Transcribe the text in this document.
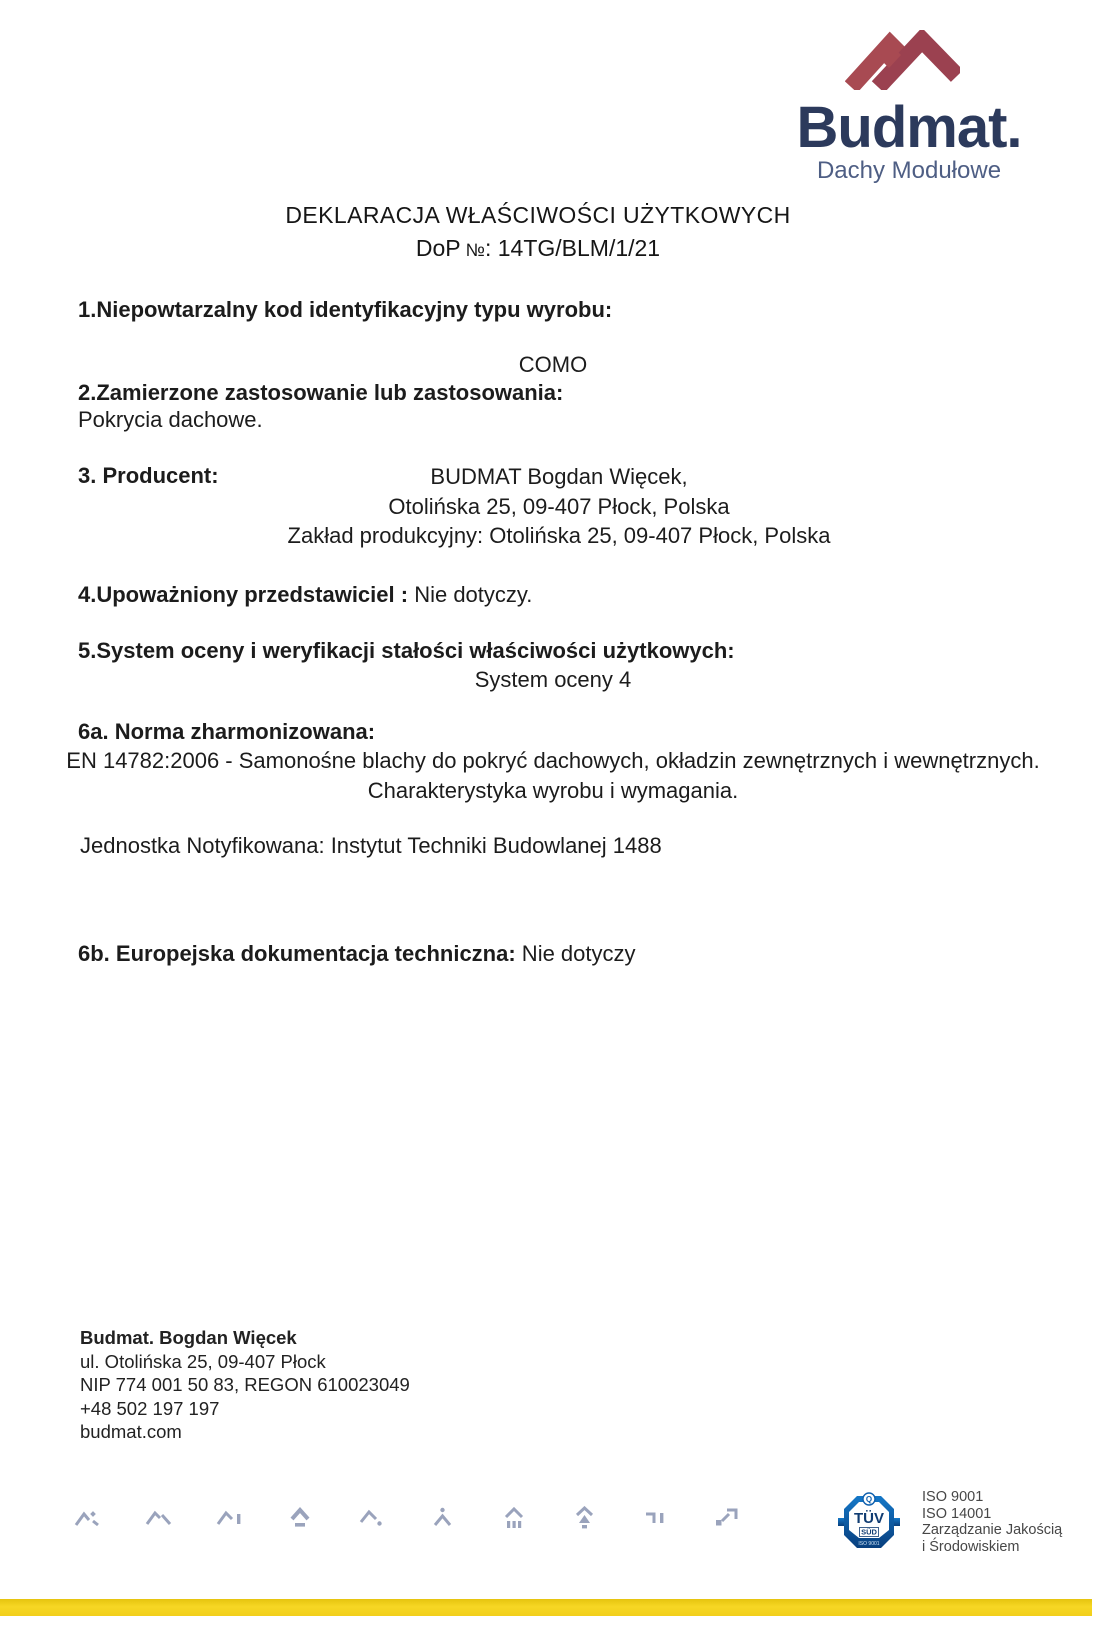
Budmat.
Dachy Modułowe
DEKLARACJA WŁAŚCIWOŚCI UŻYTKOWYCH
DoP №: 14TG/BLM/1/21
1.Niepowtarzalny kod identyfikacyjny typu wyrobu:
COMO
2.Zamierzone zastosowanie lub zastosowania:
Pokrycia dachowe.
3. Producent:	BUDMAT Bogdan Więcek,
Otolińska 25, 09-407 Płock, Polska
Zakład produkcyjny: Otolińska 25, 09-407 Płock, Polska
4.Upoważniony przedstawiciel : Nie dotyczy.
5.System oceny i weryfikacji stałości właściwości użytkowych:
System oceny 4
6a. Norma zharmonizowana:
EN 14782:2006 - Samonośne blachy do pokryć dachowych, okładzin zewnętrznych i wewnętrznych.
Charakterystyka wyrobu i wymagania.
Jednostka Notyfikowana: Instytut Techniki Budowlanej 1488
6b. Europejska dokumentacja techniczna: Nie dotyczy
Budmat. Bogdan Więcek
ul. Otolińska 25, 09-407 Płock
NIP 774 001 50 83, REGON 610023049
+48 502 197 197
budmat.com
Q
TÜV
SÜD
ISO 9001
ISO 9001
ISO 14001
Zarządzanie Jakością
i Środowiskiem
